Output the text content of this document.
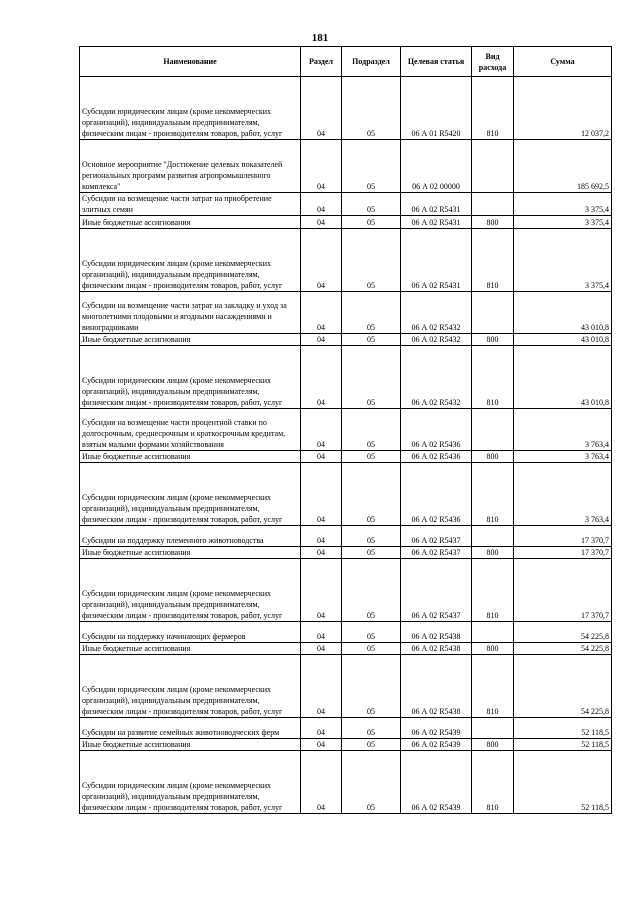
181
Наименование	Раздел	Подраздел	Целевая статья	Вид расхода	Сумма
Субсидии юридическим лицам (кроме некоммерческих организаций), индивидуальным предпринимателям, физическим лицам - производителям товаров, работ, услуг	04	05	06 А 01 R5420	810	12 037,2
Основное мероприятие "Достижение целевых показателей региональных программ развития агропромышленного комплекса"	04	05	06 А 02 00000		185 692,5
Субсидии на возмещение части затрат на приобретение элитных семян	04	05	06 А 02 R5431		3 375,4
Иные бюджетные ассигнования	04	05	06 А 02 R5431	800	3 375,4
Субсидии юридическим лицам (кроме некоммерческих организаций), индивидуальным предпринимателям, физическим лицам - производителям товаров, работ, услуг	04	05	06 А 02 R5431	810	3 375,4
Субсидии на возмещение части затрат на закладку и уход за многолетними плодовыми и ягодными насаждениями и виноградниками	04	05	06 А 02 R5432		43 010,8
Иные бюджетные ассигнования	04	05	06 А 02 R5432	800	43 010,8
Субсидии юридическим лицам (кроме некоммерческих организаций), индивидуальным предпринимателям, физическим лицам - производителям товаров, работ, услуг	04	05	06 А 02 R5432	810	43 010,8
Субсидии на возмещение части процентной ставки по долгосрочным, среднесрочным и краткосрочным кредитам, взятым малыми формами хозяйствования	04	05	06 А 02 R5436		3 763,4
Иные бюджетные ассигнования	04	05	06 А 02 R5436	800	3 763,4
Субсидии юридическим лицам (кроме некоммерческих организаций), индивидуальным предпринимателям, физическим лицам - производителям товаров, работ, услуг	04	05	06 А 02 R5436	810	3 763,4
Субсидии на поддержку племенного животноводства	04	05	06 А 02 R5437		17 370,7
Иные бюджетные ассигнования	04	05	06 А 02 R5437	800	17 370,7
Субсидии юридическим лицам (кроме некоммерческих организаций), индивидуальным предпринимателям, физическим лицам - производителям товаров, работ, услуг	04	05	06 А 02 R5437	810	17 370,7
Субсидии на поддержку начинающих фермеров	04	05	06 А 02 R5438		54 225,8
Иные бюджетные ассигнования	04	05	06 А 02 R5438	800	54 225,8
Субсидии юридическим лицам (кроме некоммерческих организаций), индивидуальным предпринимателям, физическим лицам - производителям товаров, работ, услуг	04	05	06 А 02 R5438	810	54 225,8
Субсидии на развитие семейных животноводческих ферм	04	05	06 А 02 R5439		52 118,5
Иные бюджетные ассигнования	04	05	06 А 02 R5439	800	52 118,5
Субсидии юридическим лицам (кроме некоммерческих организаций), индивидуальным предпринимателям, физическим лицам - производителям товаров, работ, услуг	04	05	06 А 02 R5439	810	52 118,5
